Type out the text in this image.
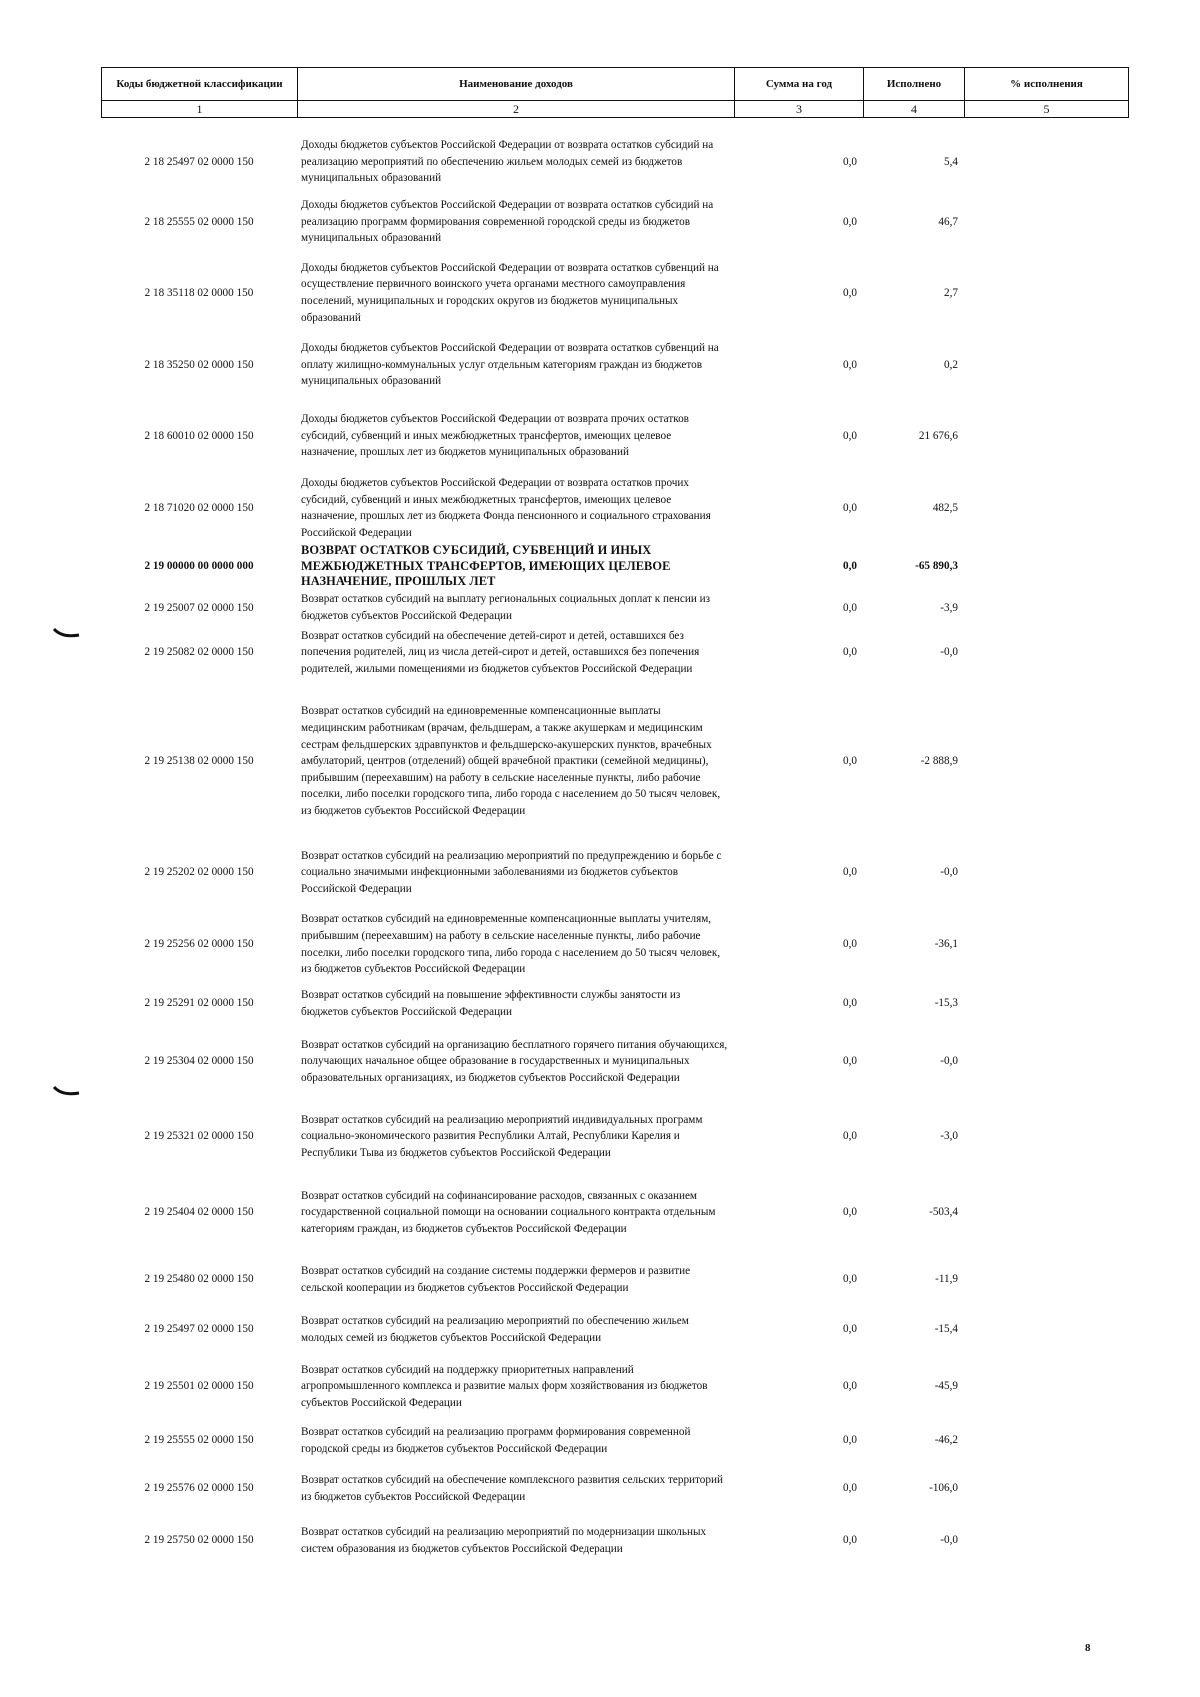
Коды бюджетной классификации	Наименование доходов	Сумма на год	Исполнено	% исполнения
1	2	3	4	5
2 18 25497 02 0000 150	Доходы бюджетов субъектов Российской Федерации от возврата остатков субсидий на реализацию мероприятий по обеспечению жильем молодых семей из бюджетов муниципальных образований	0,0	5,4	
2 18 25555 02 0000 150	Доходы бюджетов субъектов Российской Федерации от возврата остатков субсидий на реализацию программ формирования современной городской среды из бюджетов муниципальных образований	0,0	46,7	
2 18 35118 02 0000 150	Доходы бюджетов субъектов Российской Федерации от возврата остатков субвенций на осуществление первичного воинского учета органами местного самоуправления поселений, муниципальных и городских округов из бюджетов муниципальных образований	0,0	2,7	
2 18 35250 02 0000 150	Доходы бюджетов субъектов Российской Федерации от возврата остатков субвенций на оплату жилищно-коммунальных услуг отдельным категориям граждан из бюджетов муниципальных образований	0,0	0,2	
2 18 60010 02 0000 150	Доходы бюджетов субъектов Российской Федерации от возврата прочих остатков субсидий, субвенций и иных межбюджетных трансфертов, имеющих целевое назначение, прошлых лет из бюджетов муниципальных образований	0,0	21 676,6	
2 18 71020 02 0000 150	Доходы бюджетов субъектов Российской Федерации от возврата остатков прочих субсидий, субвенций и иных межбюджетных трансфертов, имеющих целевое назначение, прошлых лет из бюджета Фонда пенсионного и социального страхования Российской Федерации	0,0	482,5	
2 19 00000 00 0000 000	ВОЗВРАТ ОСТАТКОВ СУБСИДИЙ, СУБВЕНЦИЙ И ИНЫХ МЕЖБЮДЖЕТНЫХ ТРАНСФЕРТОВ, ИМЕЮЩИХ ЦЕЛЕВОЕ НАЗНАЧЕНИЕ, ПРОШЛЫХ ЛЕТ	0,0	-65 890,3	
2 19 25007 02 0000 150	Возврат остатков субсидий на выплату региональных социальных доплат к пенсии из бюджетов субъектов Российской Федерации	0,0	-3,9	
2 19 25082 02 0000 150	Возврат остатков субсидий на обеспечение детей-сирот и детей, оставшихся без попечения родителей, лиц из числа детей-сирот и детей, оставшихся без попечения родителей, жилыми помещениями из бюджетов субъектов Российской Федерации	0,0	-0,0	
2 19 25138 02 0000 150	Возврат остатков субсидий на единовременные компенсационные выплаты медицинским работникам (врачам, фельдшерам, а также акушеркам и медицинским сестрам фельдшерских здравпунктов и фельдшерско-акушерских пунктов, врачебных амбулаторий, центров (отделений) общей врачебной практики (семейной медицины), прибывшим (переехавшим) на работу в сельские населенные пункты, либо рабочие поселки, либо поселки городского типа, либо города с населением до 50 тысяч человек, из бюджетов субъектов Российской Федерации	0,0	-2 888,9	
2 19 25202 02 0000 150	Возврат остатков субсидий на реализацию мероприятий по предупреждению и борьбе с социально значимыми инфекционными заболеваниями из бюджетов субъектов Российской Федерации	0,0	-0,0	
2 19 25256 02 0000 150	Возврат остатков субсидий на единовременные компенсационные выплаты учителям, прибывшим (переехавшим) на работу в сельские населенные пункты, либо рабочие поселки, либо поселки городского типа, либо города с населением до 50 тысяч человек, из бюджетов субъектов Российской Федерации	0,0	-36,1	
2 19 25291 02 0000 150	Возврат остатков субсидий на повышение эффективности службы занятости из бюджетов субъектов Российской Федерации	0,0	-15,3	
2 19 25304 02 0000 150	Возврат остатков субсидий на организацию бесплатного горячего питания обучающихся, получающих начальное общее образование в государственных и муниципальных образовательных организациях, из бюджетов субъектов Российской Федерации	0,0	-0,0	
2 19 25321 02 0000 150	Возврат остатков субсидий на реализацию мероприятий индивидуальных программ социально-экономического развития Республики Алтай, Республики Карелия и Республики Тыва из бюджетов субъектов Российской Федерации	0,0	-3,0	
2 19 25404 02 0000 150	Возврат остатков субсидий на софинансирование расходов, связанных с оказанием государственной социальной помощи на основании социального контракта отдельным категориям граждан, из бюджетов субъектов Российской Федерации	0,0	-503,4	
2 19 25480 02 0000 150	Возврат остатков субсидий на создание системы поддержки фермеров и развитие сельской кооперации из бюджетов субъектов Российской Федерации	0,0	-11,9	
2 19 25497 02 0000 150	Возврат остатков субсидий на реализацию мероприятий по обеспечению жильем молодых семей из бюджетов субъектов Российской Федерации	0,0	-15,4	
2 19 25501 02 0000 150	Возврат остатков субсидий на поддержку приоритетных направлений агропромышленного комплекса и развитие малых форм хозяйствования из бюджетов субъектов Российской Федерации	0,0	-45,9	
2 19 25555 02 0000 150	Возврат остатков субсидий на реализацию программ формирования современной городской среды из бюджетов субъектов Российской Федерации	0,0	-46,2	
2 19 25576 02 0000 150	Возврат остатков субсидий на обеспечение комплексного развития сельских территорий из бюджетов субъектов Российской Федерации	0,0	-106,0	
2 19 25750 02 0000 150	Возврат остатков субсидий на реализацию мероприятий по модернизации школьных систем образования из бюджетов субъектов Российской Федерации	0,0	-0,0	
8
